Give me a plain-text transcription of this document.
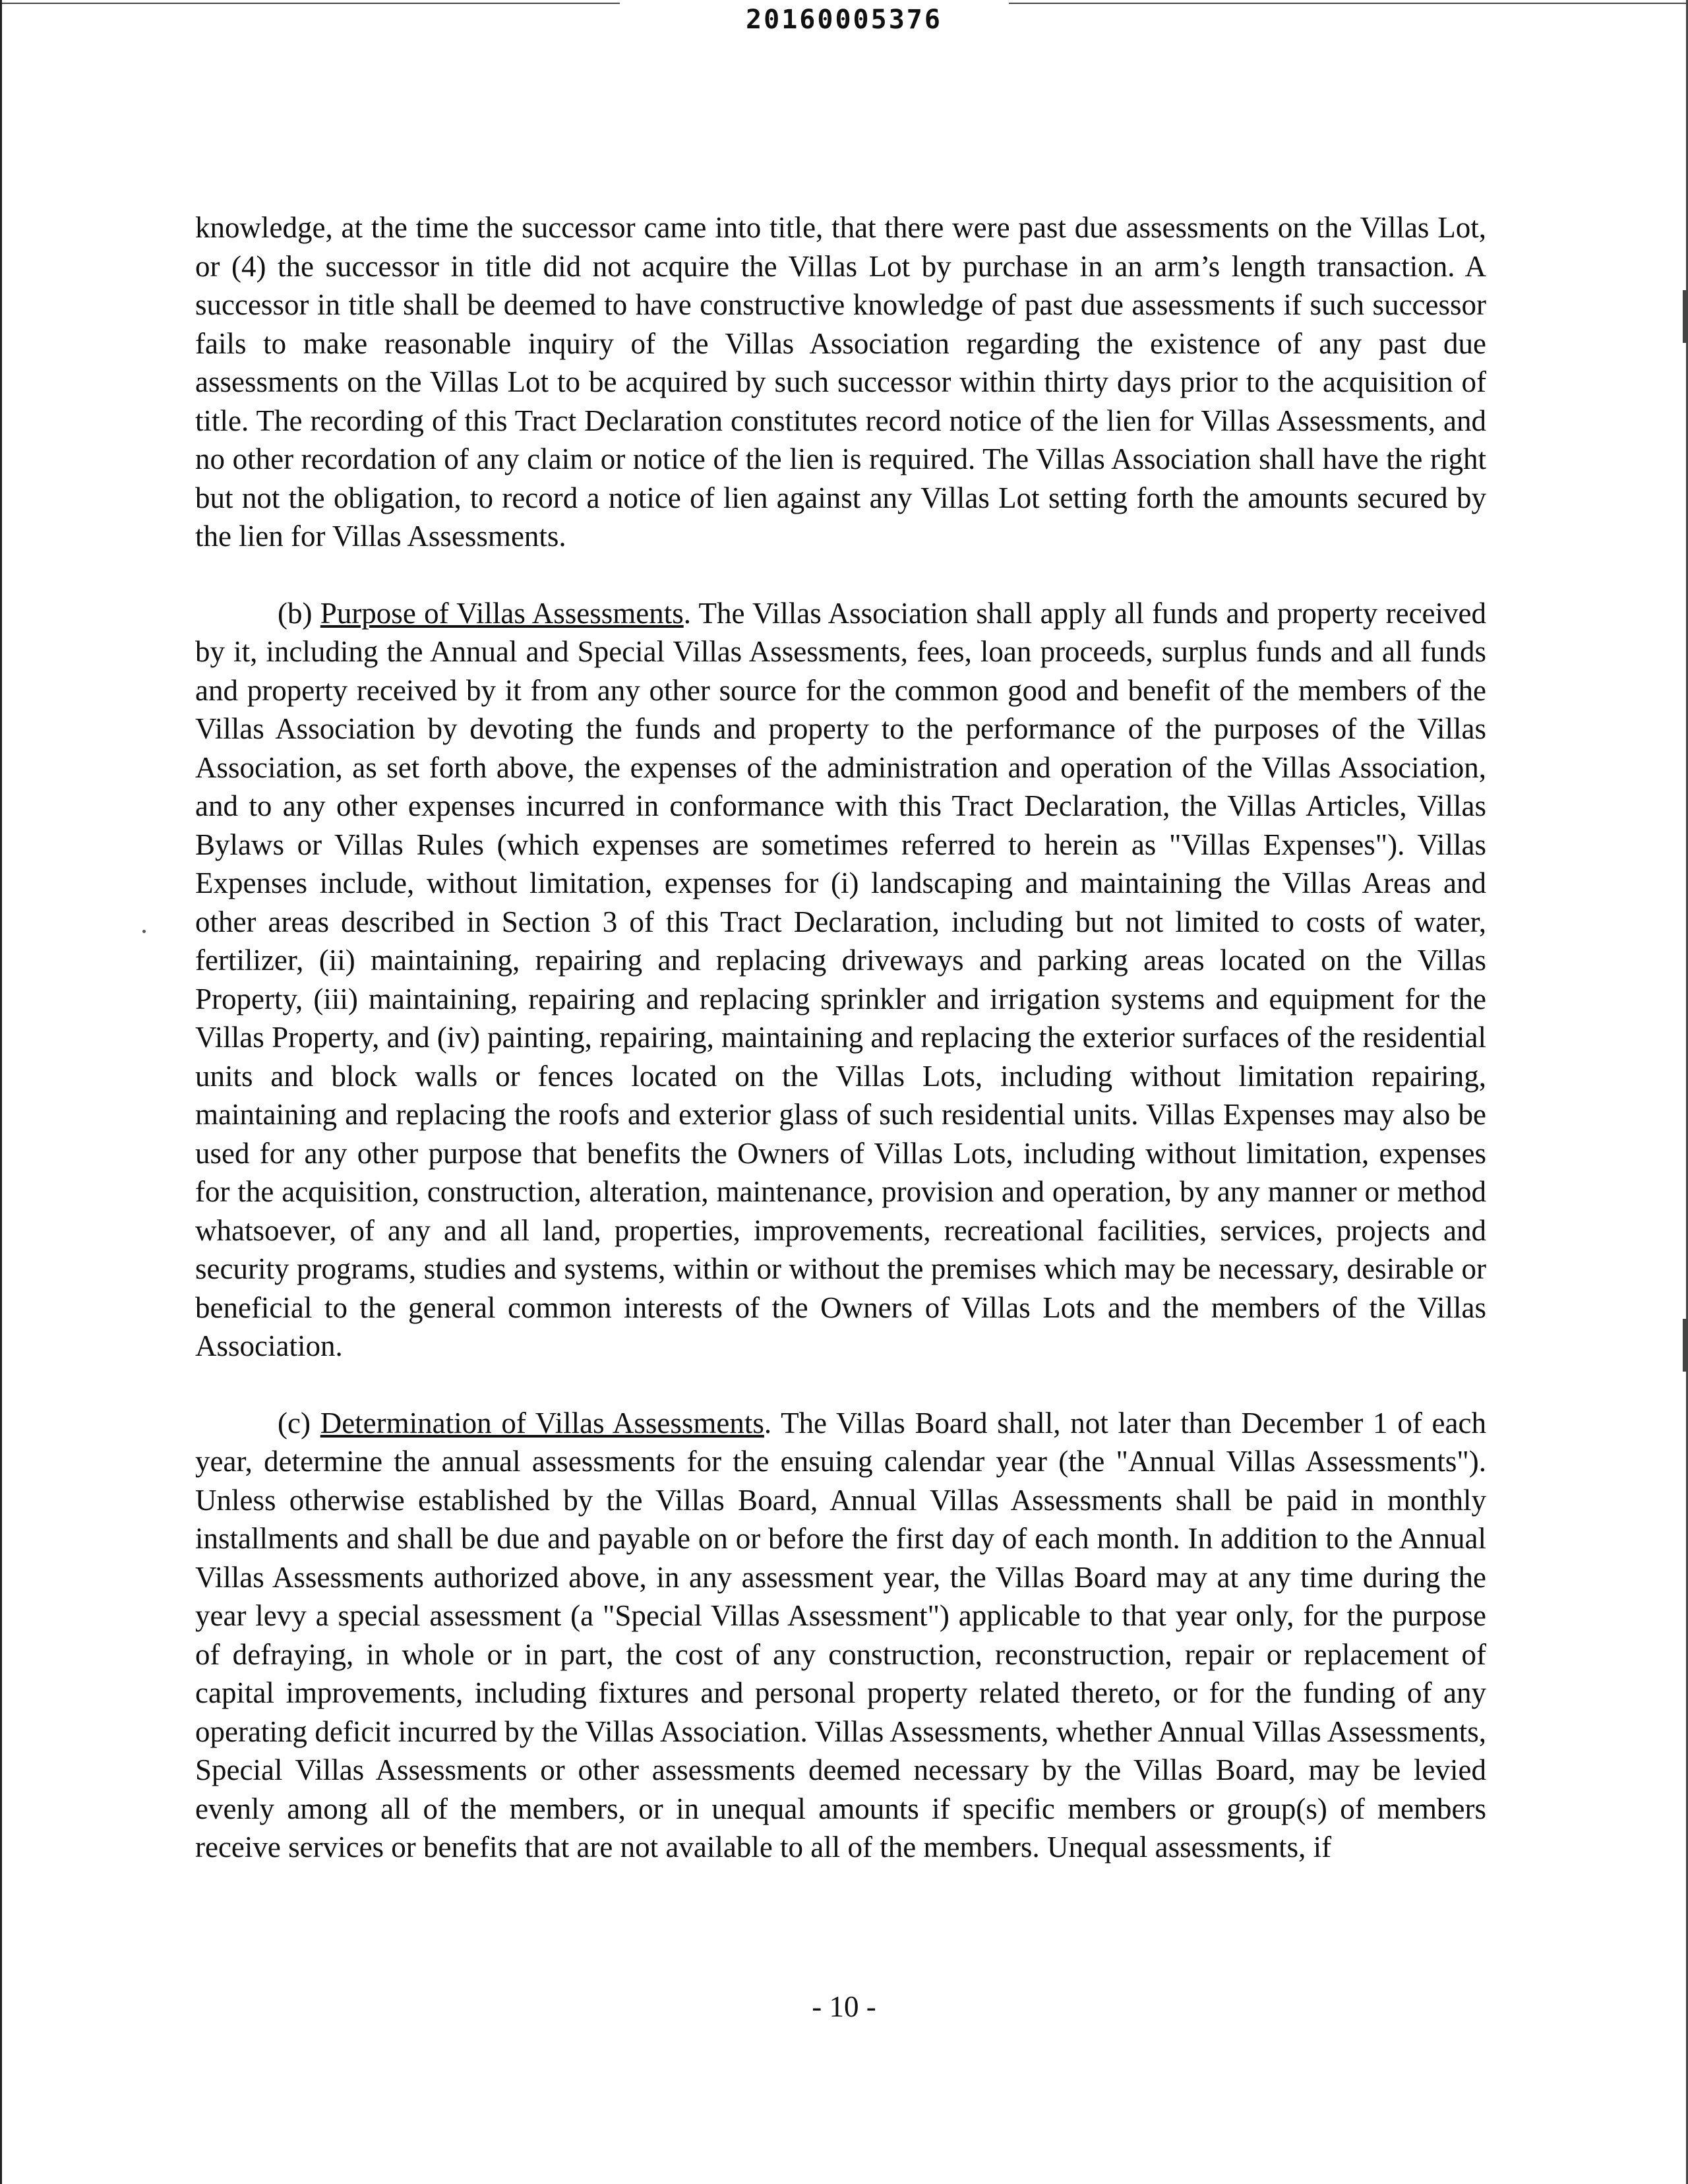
20160005376

knowledge, at the time the successor came into title, that there were past due assessments on the Villas Lot, or (4) the successor in title did not acquire the Villas Lot by purchase in an arm’s length transaction. A successor in title shall be deemed to have constructive knowledge of past due assessments if such successor fails to make reasonable inquiry of the Villas Association regarding the existence of any past due assessments on the Villas Lot to be acquired by such successor within thirty days prior to the acquisition of title. The recording of this Tract Declaration constitutes record notice of the lien for Villas Assessments, and no other recordation of any claim or notice of the lien is required. The Villas Association shall have the right but not the obligation, to record a notice of lien against any Villas Lot setting forth the amounts secured by the lien for Villas Assessments.

(b) Purpose of Villas Assessments. The Villas Association shall apply all funds and property received by it, including the Annual and Special Villas Assessments, fees, loan proceeds, surplus funds and all funds and property received by it from any other source for the common good and benefit of the members of the Villas Association by devoting the funds and property to the performance of the purposes of the Villas Association, as set forth above, the expenses of the administration and operation of the Villas Association, and to any other expenses incurred in conformance with this Tract Declaration, the Villas Articles, Villas Bylaws or Villas Rules (which expenses are sometimes referred to herein as "Villas Expenses"). Villas Expenses include, without limitation, expenses for (i) landscaping and maintaining the Villas Areas and other areas described in Section 3 of this Tract Declaration, including but not limited to costs of water, fertilizer, (ii) maintaining, repairing and replacing driveways and parking areas located on the Villas Property, (iii) maintaining, repairing and replacing sprinkler and irrigation systems and equipment for the Villas Property, and (iv) painting, repairing, maintaining and replacing the exterior surfaces of the residential units and block walls or fences located on the Villas Lots, including without limitation repairing, maintaining and replacing the roofs and exterior glass of such residential units. Villas Expenses may also be used for any other purpose that benefits the Owners of Villas Lots, including without limitation, expenses for the acquisition, construction, alteration, maintenance, provision and operation, by any manner or method whatsoever, of any and all land, properties, improvements, recreational facilities, services, projects and security programs, studies and systems, within or without the premises which may be necessary, desirable or beneficial to the general common interests of the Owners of Villas Lots and the members of the Villas Association.

(c) Determination of Villas Assessments. The Villas Board shall, not later than December 1 of each year, determine the annual assessments for the ensuing calendar year (the "Annual Villas Assessments"). Unless otherwise established by the Villas Board, Annual Villas Assessments shall be paid in monthly installments and shall be due and payable on or before the first day of each month. In addition to the Annual Villas Assessments authorized above, in any assessment year, the Villas Board may at any time during the year levy a special assessment (a "Special Villas Assessment") applicable to that year only, for the purpose of defraying, in whole or in part, the cost of any construction, reconstruction, repair or replacement of capital improvements, including fixtures and personal property related thereto, or for the funding of any operating deficit incurred by the Villas Association. Villas Assessments, whether Annual Villas Assessments, Special Villas Assessments or other assessments deemed necessary by the Villas Board, may be levied evenly among all of the members, or in unequal amounts if specific members or group(s) of members receive services or benefits that are not available to all of the members. Unequal assessments, if

- 10 -
